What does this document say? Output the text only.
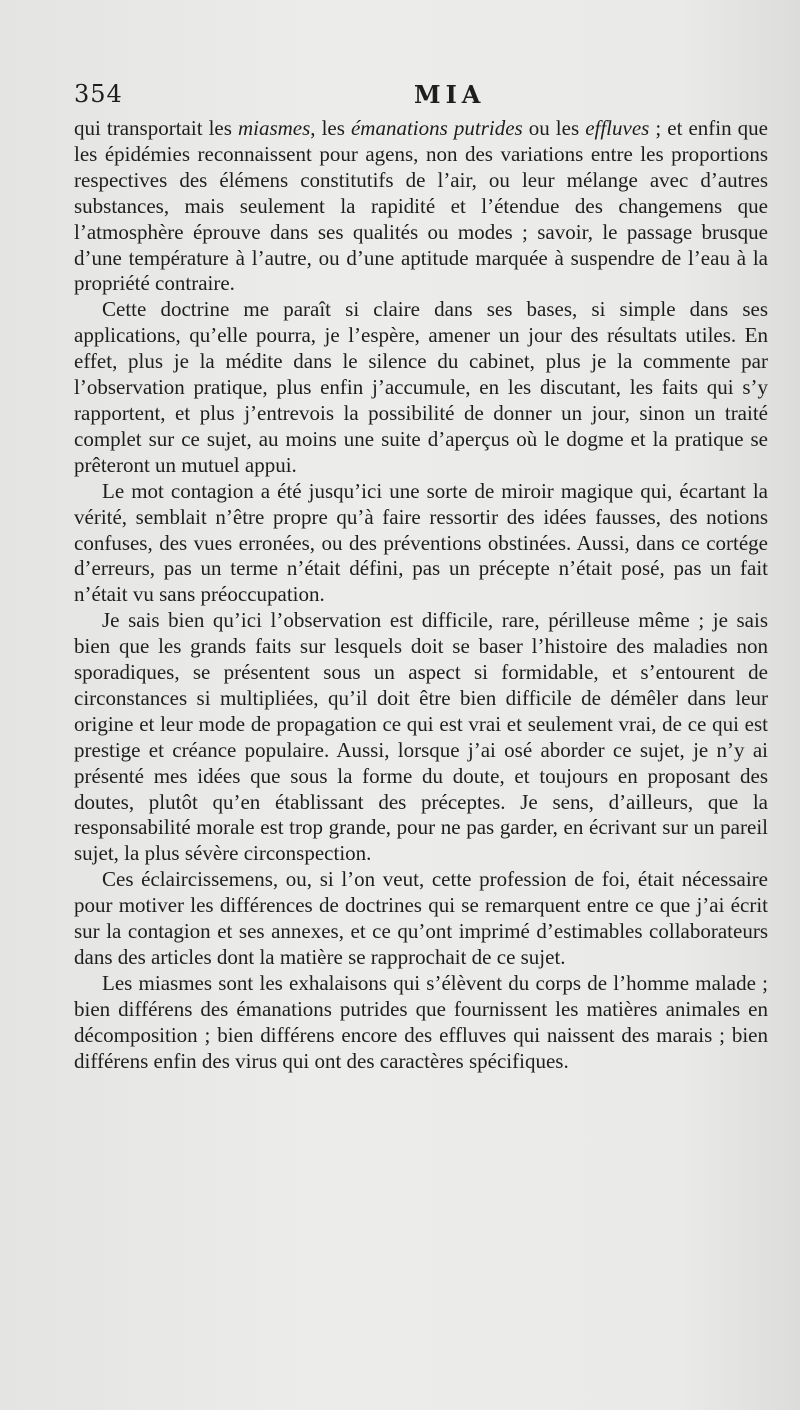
354	MIA

qui transportait les miasmes, les émanations putrides ou les effluves ; et enfin que les épidémies reconnaissent pour agens, non des variations entre les proportions respectives des élémens constitutifs de l’air, ou leur mélange avec d’autres substances, mais seulement la rapidité et l’étendue des changemens que l’atmosphère éprouve dans ses qualités ou modes ; savoir, le passage brusque d’une température à l’autre, ou d’une aptitude marquée à suspendre de l’eau à la propriété contraire.

Cette doctrine me paraît si claire dans ses bases, si simple dans ses applications, qu’elle pourra, je l’espère, amener un jour des résultats utiles. En effet, plus je la médite dans le silence du cabinet, plus je la commente par l’observation pratique, plus enfin j’accumule, en les discutant, les faits qui s’y rapportent, et plus j’entrevois la possibilité de donner un jour, sinon un traité complet sur ce sujet, au moins une suite d’aperçus où le dogme et la pratique se prêteront un mutuel appui.

Le mot contagion a été jusqu’ici une sorte de miroir magique qui, écartant la vérité, semblait n’être propre qu’à faire ressortir des idées fausses, des notions confuses, des vues erronées, ou des préventions obstinées. Aussi, dans ce cortége d’erreurs, pas un terme n’était défini, pas un précepte n’était posé, pas un fait n’était vu sans préoccupation.

Je sais bien qu’ici l’observation est difficile, rare, périlleuse même ; je sais bien que les grands faits sur lesquels doit se baser l’histoire des maladies non sporadiques, se présentent sous un aspect si formidable, et s’entourent de circonstances si multipliées, qu’il doit être bien difficile de démêler dans leur origine et leur mode de propagation ce qui est vrai et seulement vrai, de ce qui est prestige et créance populaire. Aussi, lorsque j’ai osé aborder ce sujet, je n’y ai présenté mes idées que sous la forme du doute, et toujours en proposant des doutes, plutôt qu’en établissant des préceptes. Je sens, d’ailleurs, que la responsabilité morale est trop grande, pour ne pas garder, en écrivant sur un pareil sujet, la plus sévère circonspection.

Ces éclaircissemens, ou, si l’on veut, cette profession de foi, était nécessaire pour motiver les différences de doctrines qui se remarquent entre ce que j’ai écrit sur la contagion et ses annexes, et ce qu’ont imprimé d’estimables collaborateurs dans des articles dont la matière se rapprochait de ce sujet.

Les miasmes sont les exhalaisons qui s’élèvent du corps de l’homme malade ; bien différens des émanations putrides que fournissent les matières animales en décomposition ; bien différens encore des effluves qui naissent des marais ; bien différens enfin des virus qui ont des caractères spécifiques.
